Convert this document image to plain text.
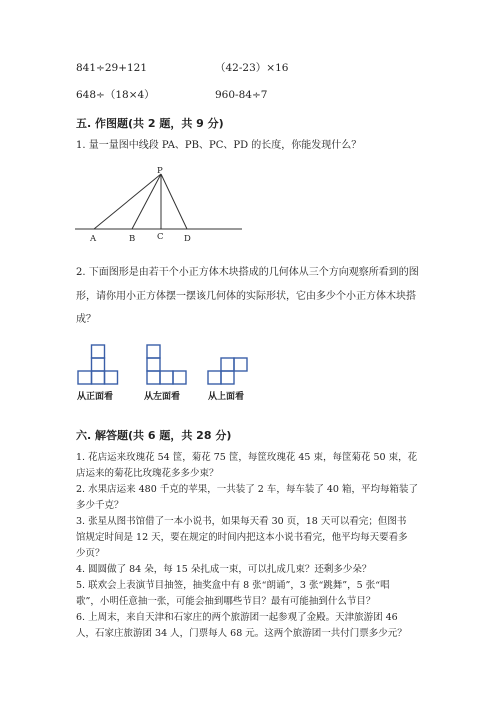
841÷29+121	（42-23）×16
648÷（18×4）	960-84÷7
五. 作图题(共 2 题，共 9 分)
1. 量一量图中线段 PA、PB、PC、PD 的长度，你能发现什么？
P
A	B	C D
2. 下面图形是由若干个小正方体木块搭成的几何体从三个方向观察所看到的图
形，请你用小正方体摆一摆该几何体的实际形状，它由多少个小正方体木块搭
成？
从正面看	从左面看	从上面看
六. 解答题(共 6 题，共 28 分)
1. 花店运来玫瑰花 54 筐，菊花 75 筐，每筐玫瑰花 45 束，每筐菊花 50 束，花
店运来的菊花比玫瑰花多多少束？
2. 水果店运来 480 千克的苹果，一共装了 2 车，每车装了 40 箱，平均每箱装了
多少千克？
3. 张星从图书馆借了一本小说书，如果每天看 30 页，18 天可以看完；但图书
馆规定时间是 12 天，要在规定的时间内把这本小说书看完，他平均每天要看多
少页？
4. 圆圆做了 84 朵，每 15 朵扎成一束，可以扎成几束？还剩多少朵？
5. 联欢会上表演节目抽签，抽奖盒中有 8 张“朗诵”，3 张“跳舞”，5 张“唱
歌”，小明任意抽一张，可能会抽到哪些节目？最有可能抽到什么节目？
6. 上周末，来自天津和石家庄的两个旅游团一起参观了金殿。天津旅游团 46
人，石家庄旅游团 34 人，门票每人 68 元。这两个旅游团一共付门票多少元？
